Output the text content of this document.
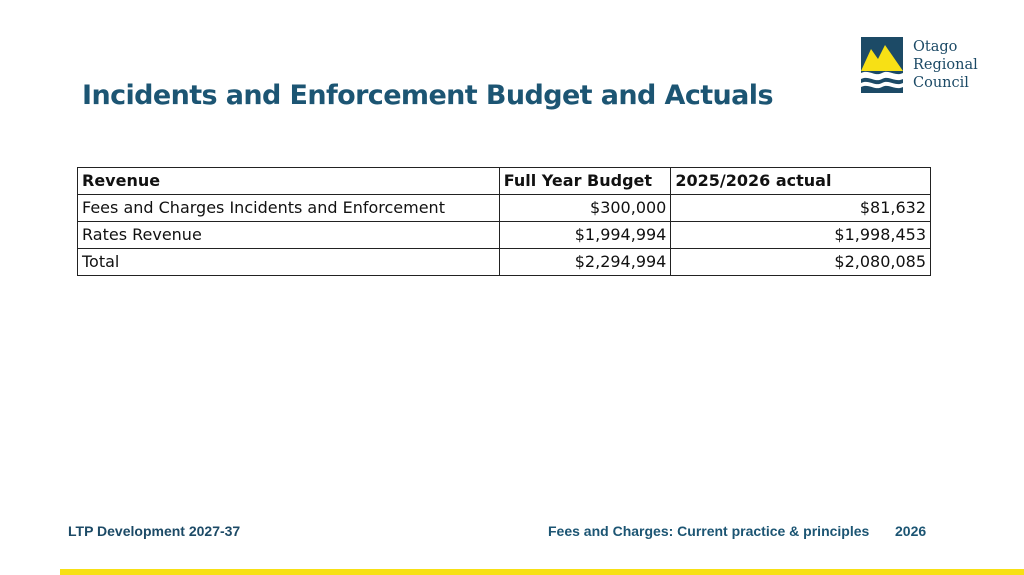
Incidents and Enforcement Budget and Actuals
Otago
Regional
Council
Revenue	Full Year Budget	2025/2026 actual
Fees and Charges Incidents and Enforcement	$300,000	$81,632
Rates Revenue	$1,994,994	$1,998,453
Total	$2,294,994	$2,080,085
LTP Development 2027-37	Fees and Charges: Current practice & principles 2026
